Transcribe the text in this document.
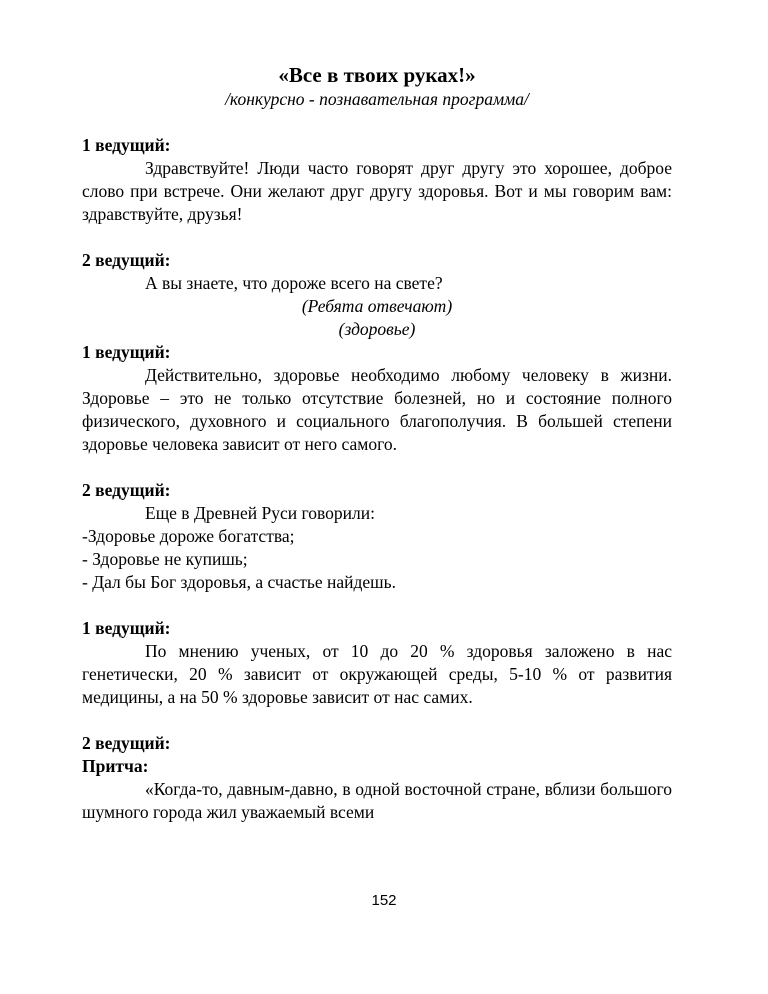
«Все в твоих руках!»

/конкурсно - познавательная программа/

1 ведущий:

Здравствуйте! Люди часто говорят друг другу это хорошее, доброе слово при встрече. Они желают друг другу здоровья. Вот и мы говорим вам: здравствуйте, друзья!

2 ведущий:

А вы знаете, что дороже всего на свете?

(Ребята отвечают)

(здоровье)

1 ведущий:

Действительно, здоровье необходимо любому человеку в жизни. Здоровье – это не только отсутствие болезней, но и состояние полного физического, духовного и социального благополучия. В большей степени здоровье человека зависит от него самого.

2 ведущий:

Еще в Древней Руси говорили:

-Здоровье дороже богатства;

- Здоровье не купишь;

- Дал бы Бог здоровья, а счастье найдешь.

1 ведущий:

По мнению ученых, от 10 до 20 % здоровья заложено в нас генетически, 20 % зависит от окружающей среды, 5-10 % от развития медицины, а на 50 % здоровье зависит от нас самих.

2 ведущий:

Притча:

«Когда-то, давным-давно, в одной восточной стране, вблизи большого шумного города жил уважаемый всеми

152
